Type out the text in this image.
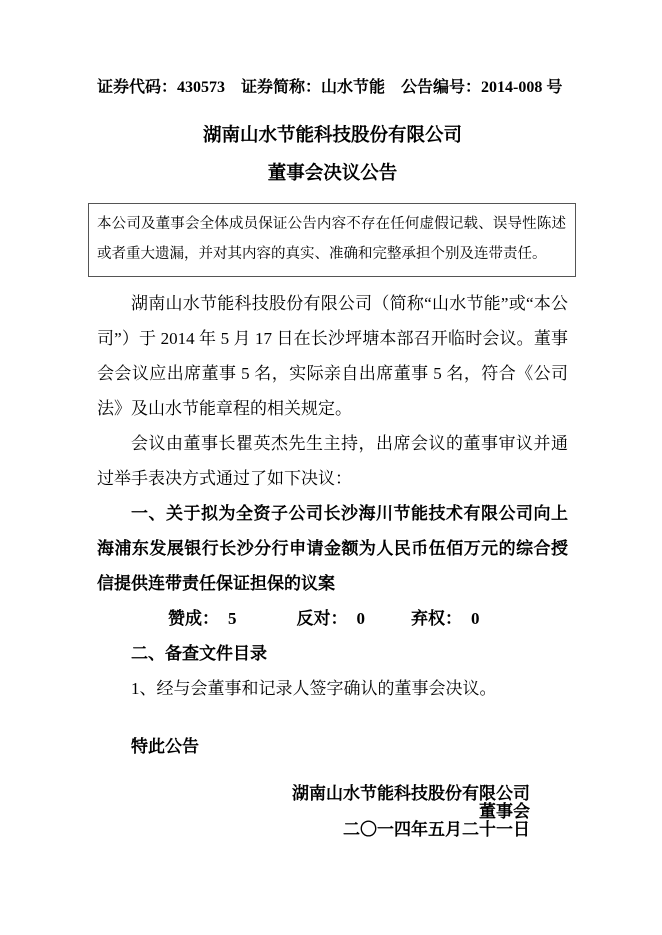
证券代码：430573　证券简称：山水节能　公告编号：2014-008 号
湖南山水节能科技股份有限公司
董事会决议公告
本公司及董事会全体成员保证公告内容不存在任何虚假记载、误导性陈述或者重大遗漏，并对其内容的真实、准确和完整承担个别及连带责任。

湖南山水节能科技股份有限公司（简称“山水节能”或“本公司”）于 2014 年 5 月 17 日在长沙坪塘本部召开临时会议。董事会会议应出席董事 5 名，实际亲自出席董事 5 名，符合《公司法》及山水节能章程的相关规定。

会议由董事长瞿英杰先生主持，出席会议的董事审议并通过举手表决方式通过了如下决议：

一、关于拟为全资子公司长沙海川节能技术有限公司向上海浦东发展银行长沙分行申请金额为人民币伍佰万元的综合授信提供连带责任保证担保的议案

赞成： 5	反对： 0	弃权： 0

二、备查文件目录

1、经与会董事和记录人签字确认的董事会决议。

特此公告

湖南山水节能科技股份有限公司
董事会
二〇一四年五月二十一日
